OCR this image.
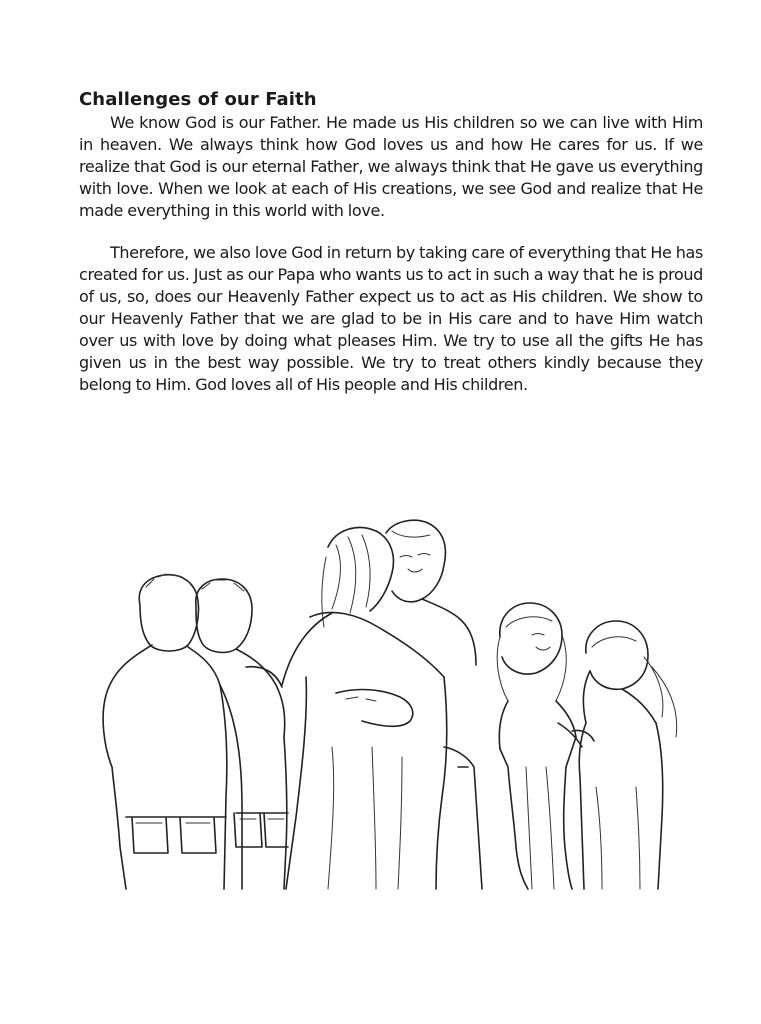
Challenges of our Faith

We know God is our Father. He made us His children so we can live with Him in heaven. We always think how God loves us and how He cares for us. If we realize that God is our eternal Father, we always think that He gave us everything with love. When we look at each of His creations, we see God and realize that He made everything in this world with love.

Therefore, we also love God in return by taking care of everything that He has created for us. Just as our Papa who wants us to act in such a way that he is proud of us, so, does our Heavenly Father expect us to act as His children. We show to our Heavenly Father that we are glad to be in His care and to have Him watch over us with love by doing what pleases Him. We try to use all the gifts He has given us in the best way possible. We try to treat others kindly because they belong to Him. God loves all of His people and His children.
